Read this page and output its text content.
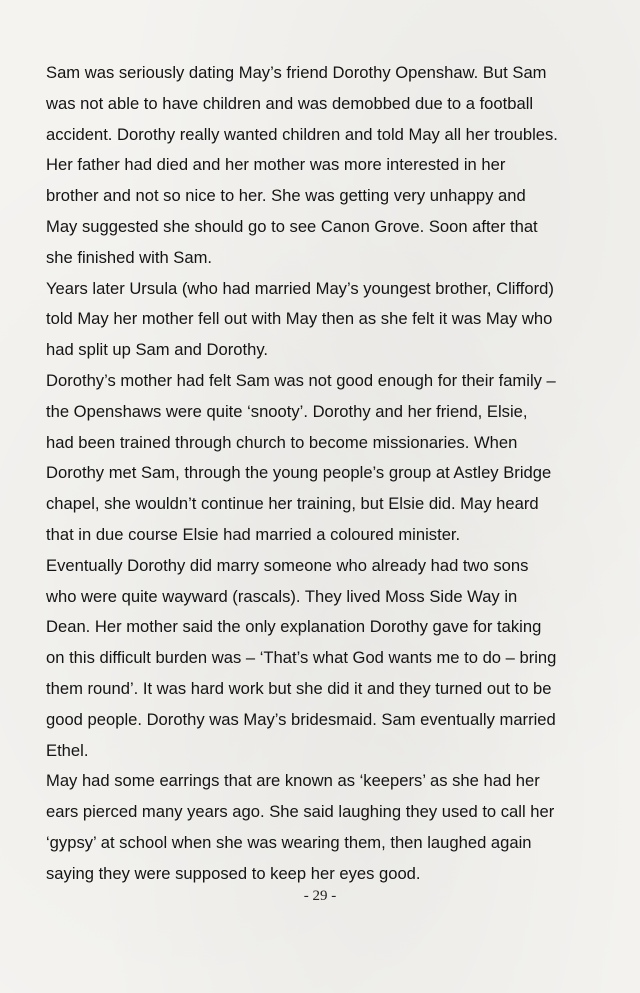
Sam was seriously dating May’s friend Dorothy Openshaw. But Sam
was not able to have children and was demobbed due to a football
accident. Dorothy really wanted children and told May all her troubles.
Her father had died and her mother was more interested in her
brother and not so nice to her. She was getting very unhappy and
May suggested she should go to see Canon Grove. Soon after that
she finished with Sam.
Years later Ursula (who had married May’s youngest brother, Clifford)
told May her mother fell out with May then as she felt it was May who
had split up Sam and Dorothy.
Dorothy’s mother had felt Sam was not good enough for their family –
the Openshaws were quite ‘snooty’. Dorothy and her friend, Elsie,
had been trained through church to become missionaries. When
Dorothy met Sam, through the young people’s group at Astley Bridge
chapel, she wouldn’t continue her training, but Elsie did. May heard
that in due course Elsie had married a coloured minister.
Eventually Dorothy did marry someone who already had two sons
who were quite wayward (rascals). They lived Moss Side Way in
Dean. Her mother said the only explanation Dorothy gave for taking
on this difficult burden was – ‘That’s what God wants me to do – bring
them round’. It was hard work but she did it and they turned out to be
good people. Dorothy was May’s bridesmaid. Sam eventually married
Ethel.
May had some earrings that are known as ‘keepers’ as she had her
ears pierced many years ago. She said laughing they used to call her
‘gypsy’ at school when she was wearing them, then laughed again
saying they were supposed to keep her eyes good.
- 29 -
